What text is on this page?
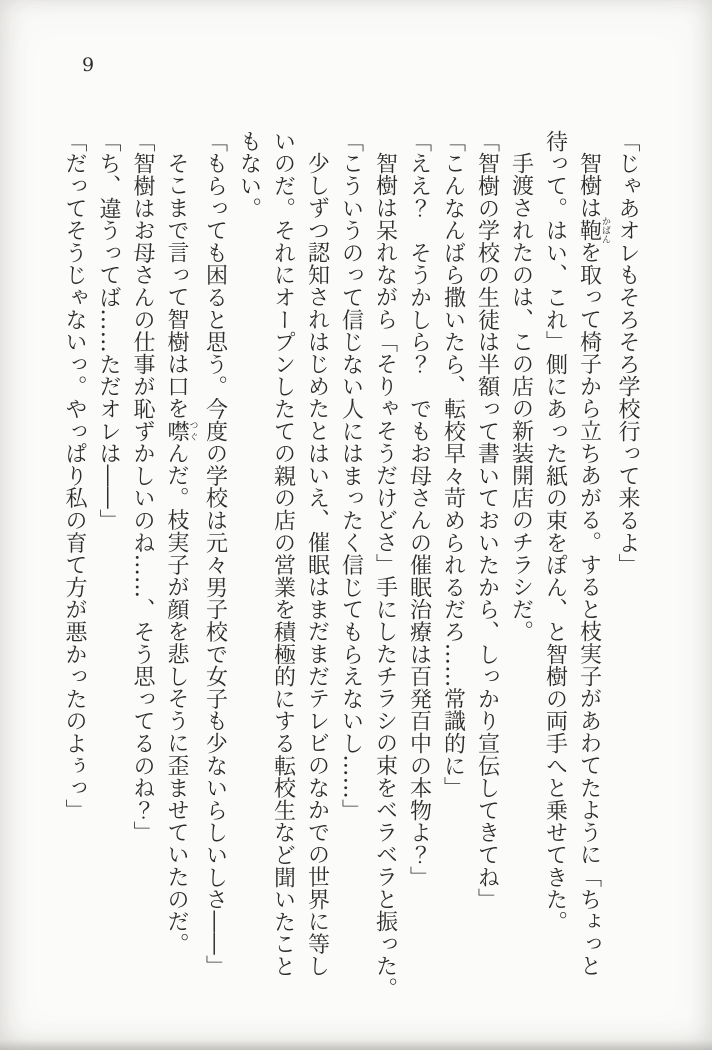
9
「じゃあオレもそろそろ学校行って来るよ」
智樹は鞄かばんを取って椅子から立ちあがる。すると枝実子があわてたように「ちょっと
待って。はい、これ」側にあった紙の束をぽん、と智樹の両手へと乗せてきた。
手渡されたのは、この店の新装開店のチラシだ。
「智樹の学校の生徒は半額って書いておいたから、しっかり宣伝してきてね」
「こんなんばら撒いたら、転校早々苛められるだろ……常識的に」
「ええ？　そうかしら？　でもお母さんの催眠治療は百発百中の本物よ？」
智樹は呆れながら「そりゃそうだけどさ」手にしたチラシの束をベラベラと振った。
「こういうのって信じない人にはまったく信じてもらえないし……」
少しずつ認知されはじめたとはいえ、催眠はまだまだテレビのなかでの世界に等し
いのだ。それにオープンしたての親の店の営業を積極的にする転校生など聞いたこと
もない。
「もらっても困ると思う。今度の学校は元々男子校で女子も少ないらしいしさ――」
そこまで言って智樹は口を噤つぐんだ。枝実子が顔を悲しそうに歪ませていたのだ。
「智樹はお母さんの仕事が恥ずかしいのね……、そう思ってるのね？」
「ち、違うってば……ただオレは――」
「だってそうじゃないっ。やっぱり私の育て方が悪かったのよぅっ」
